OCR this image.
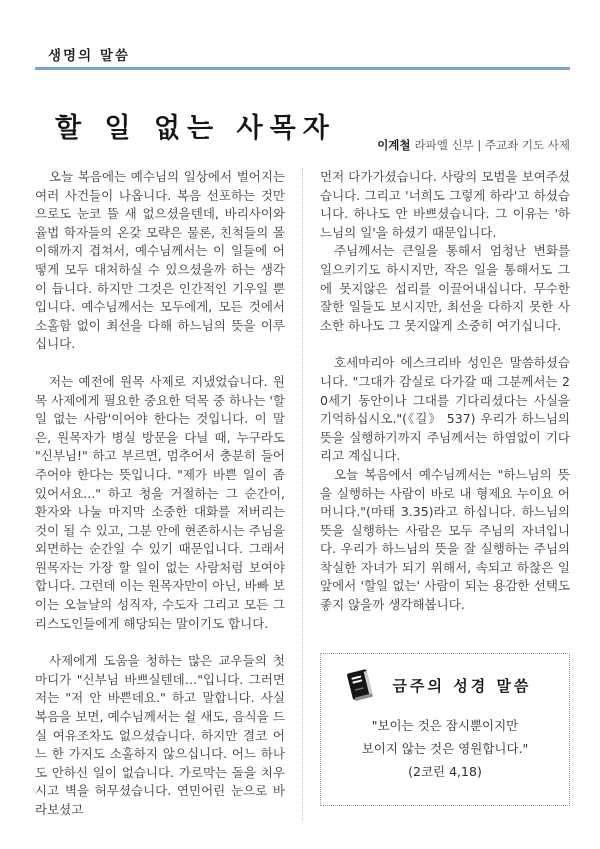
생명의 말씀
할 일 없는 사목자
이계철 라파엘 신부 | 주교좌 기도 사제

오늘 복음에는 예수님의 일상에서 벌어지는 여러 사건들이 나옵니다. 복음 선포하는 것만으로도 눈코 뜰 새 없으셨을텐데, 바리사이와 율법 학자들의 온갖 모략은 물론, 친척들의 몰이해까지 겹쳐서, 예수님께서는 이 일들에 어떻게 모두 대처하실 수 있으셨을까 하는 생각이 듭니다. 하지만 그것은 인간적인 기우일 뿐입니다. 예수님께서는 모두에게, 모든 것에서 소홀함 없이 최선을 다해 하느님의 뜻을 이루십니다.

저는 예전에 원목 사제로 지냈었습니다. 원목 사제에게 필요한 중요한 덕목 중 하나는 '할 일 없는 사람'이어야 한다는 것입니다. 이 말은, 원목자가 병실 방문을 다닐 때, 누구라도 "신부님!" 하고 부르면, 멈추어서 충분히 들어주어야 한다는 뜻입니다. "제가 바쁜 일이 좀 있어서요..." 하고 청을 거절하는 그 순간이, 환자와 나눌 마지막 소중한 대화를 저버리는 것이 될 수 있고, 그분 안에 현존하시는 주님을 외면하는 순간일 수 있기 때문입니다. 그래서 원목자는 가장 할 일이 없는 사람처럼 보여야 합니다. 그런데 이는 원목자만이 아닌, 바빠 보이는 오늘날의 성직자, 수도자 그리고 모든 그리스도인들에게 해당되는 말이기도 합니다.

사제에게 도움을 청하는 많은 교우들의 첫마디가 "신부님 바쁘실텐데…"입니다. 그러면 저는 "저 안 바쁜데요." 하고 말합니다. 사실 복음을 보면, 예수님께서는 쉴 새도, 음식을 드실 여유조차도 없으셨습니다. 하지만 결코 어느 한 가지도 소홀하지 않으십니다. 어느 하나도 안하신 일이 없습니다. 가로막는 돌을 치우시고 벽을 허무셨습니다. 연민어린 눈으로 바라보셨고

먼저 다가가셨습니다. 사랑의 모범을 보여주셨습니다. 그리고 '너희도 그렇게 하라'고 하셨습니다. 하나도 안 바쁘셨습니다. 그 이유는 '하느님의 일'을 하셨기 때문입니다.

주님께서는 큰일을 통해서 엄청난 변화를 일으키기도 하시지만, 작은 일을 통해서도 그에 못지않은 섭리를 이끌어내십니다. 무수한 잘한 일들도 보시지만, 최선을 다하지 못한 사소한 하나도 그 못지않게 소중히 여기십니다.

호세마리아 에스크리바 성인은 말씀하셨습니다. "그대가 감실로 다가갈 때 그분께서는 20세기 동안이나 그대를 기다리셨다는 사실을 기억하십시오."(《길》 537) 우리가 하느님의 뜻을 실행하기까지 주님께서는 하염없이 기다리고 계십니다.

오늘 복음에서 예수님께서는 "하느님의 뜻을 실행하는 사람이 바로 내 형제요 누이요 어머니다."(마태 3.35)라고 하십니다. 하느님의 뜻을 실행하는 사람은 모두 주님의 자녀입니다. 우리가 하느님의 뜻을 잘 실행하는 주님의 착실한 자녀가 되기 위해서, 속되고 하찮은 일 앞에서 '할일 없는' 사람이 되는 용감한 선택도 좋지 않을까 생각해봅니다.

금주의 성경 말씀
"보이는 것은 잠시뿐이지만
보이지 않는 것은 영원합니다."
(2코린 4,18)
